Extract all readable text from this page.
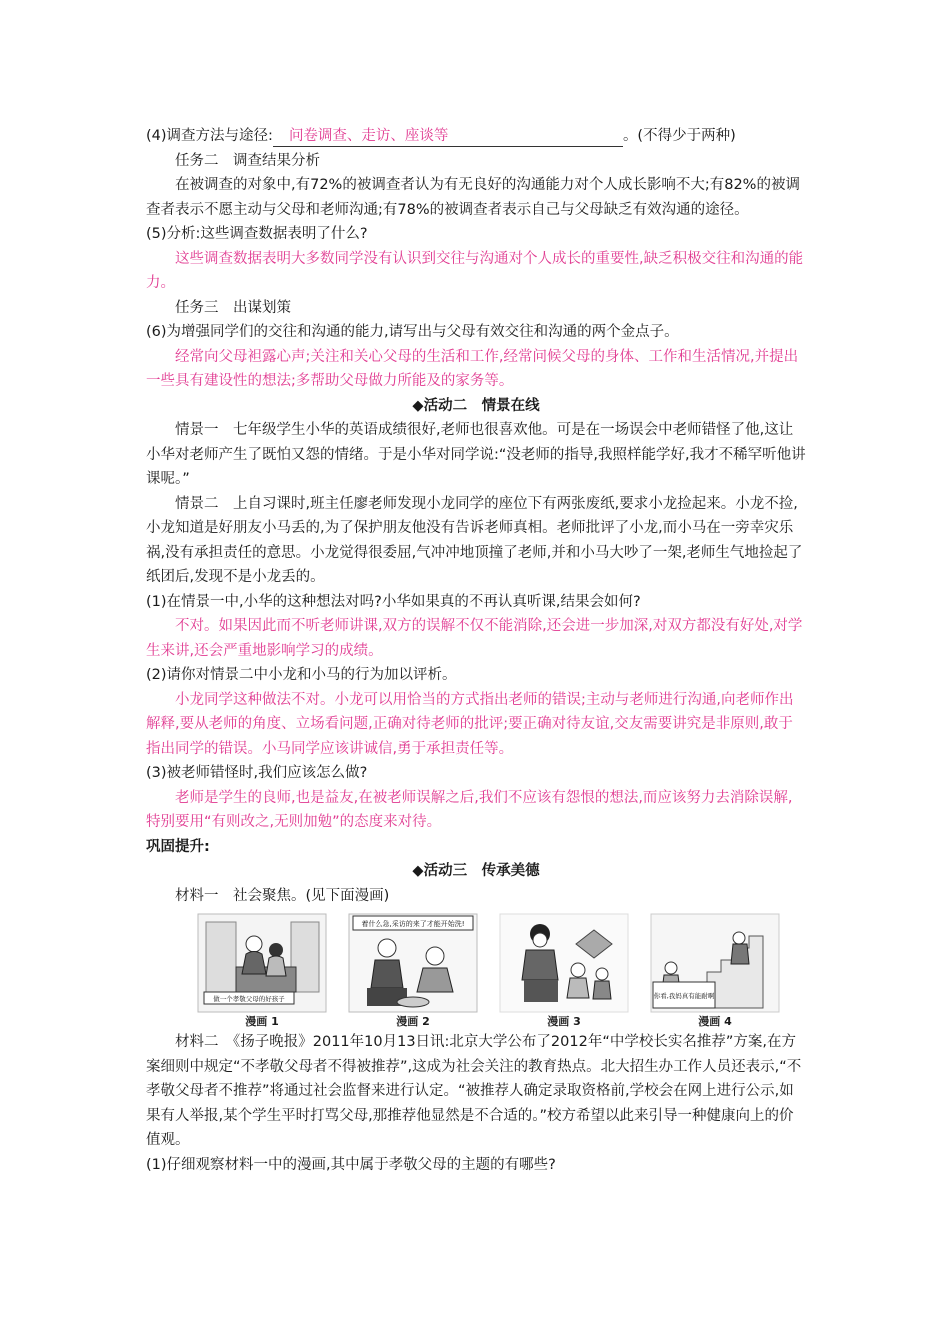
(4)调查方法与途径: 问卷调查、走访、座谈等	。(不得少于两种)

任务二　调查结果分析

在被调查的对象中,有72%的被调查者认为有无良好的沟通能力对个人成长影响不大;有82%的被调查者表示不愿主动与父母和老师沟通;有78%的被调查者表示自己与父母缺乏有效沟通的途径。

(5)分析:这些调查数据表明了什么?

这些调查数据表明大多数同学没有认识到交往与沟通对个人成长的重要性,缺乏积极交往和沟通的能力。

任务三　出谋划策

(6)为增强同学们的交往和沟通的能力,请写出与父母有效交往和沟通的两个金点子。

经常向父母袒露心声;关注和关心父母的生活和工作,经常问候父母的身体、工作和生活情况,并提出一些具有建设性的想法;多帮助父母做力所能及的家务等。

◆活动二　情景在线

情景一　七年级学生小华的英语成绩很好,老师也很喜欢他。可是在一场误会中老师错怪了他,这让小华对老师产生了既怕又怨的情绪。于是小华对同学说:“没老师的指导,我照样能学好,我才不稀罕听他讲课呢。”

情景二　上自习课时,班主任廖老师发现小龙同学的座位下有两张废纸,要求小龙捡起来。小龙不捡,小龙知道是好朋友小马丢的,为了保护朋友他没有告诉老师真相。老师批评了小龙,而小马在一旁幸灾乐祸,没有承担责任的意思。小龙觉得很委屈,气冲冲地顶撞了老师,并和小马大吵了一架,老师生气地捡起了纸团后,发现不是小龙丢的。

(1)在情景一中,小华的这种想法对吗?小华如果真的不再认真听课,结果会如何?

不对。如果因此而不听老师讲课,双方的误解不仅不能消除,还会进一步加深,对双方都没有好处,对学生来讲,还会严重地影响学习的成绩。

(2)请你对情景二中小龙和小马的行为加以评析。

小龙同学这种做法不对。小龙可以用恰当的方式指出老师的错误;主动与老师进行沟通,向老师作出解释,要从老师的角度、立场看问题,正确对待老师的批评;要正确对待友谊,交友需要讲究是非原则,敢于指出同学的错误。小马同学应该讲诚信,勇于承担责任等。

(3)被老师错怪时,我们应该怎么做?

老师是学生的良师,也是益友,在被老师误解之后,我们不应该有怨恨的想法,而应该努力去消除误解,特别要用“有则改之,无则加勉”的态度来对待。

巩固提升:

◆活动三　传承美德

材料一　社会聚焦。(见下面漫画)

做一个孝敬父母的好孩子
漫画 1
着什么急,采访的来了才能开始洗!
漫画 2	漫画 3
你看,我妈真有能耐啊
漫画 4

材料二　《扬子晚报》2011年10月13日讯:北京大学公布了2012年“中学校长实名推荐”方案,在方案细则中规定“不孝敬父母者不得被推荐”,这成为社会关注的教育热点。北大招生办工作人员还表示,“不孝敬父母者不推荐”将通过社会监督来进行认定。“被推荐人确定录取资格前,学校会在网上进行公示,如果有人举报,某个学生平时打骂父母,那推荐他显然是不合适的。”校方希望以此来引导一种健康向上的价值观。

(1)仔细观察材料一中的漫画,其中属于孝敬父母的主题的有哪些?
